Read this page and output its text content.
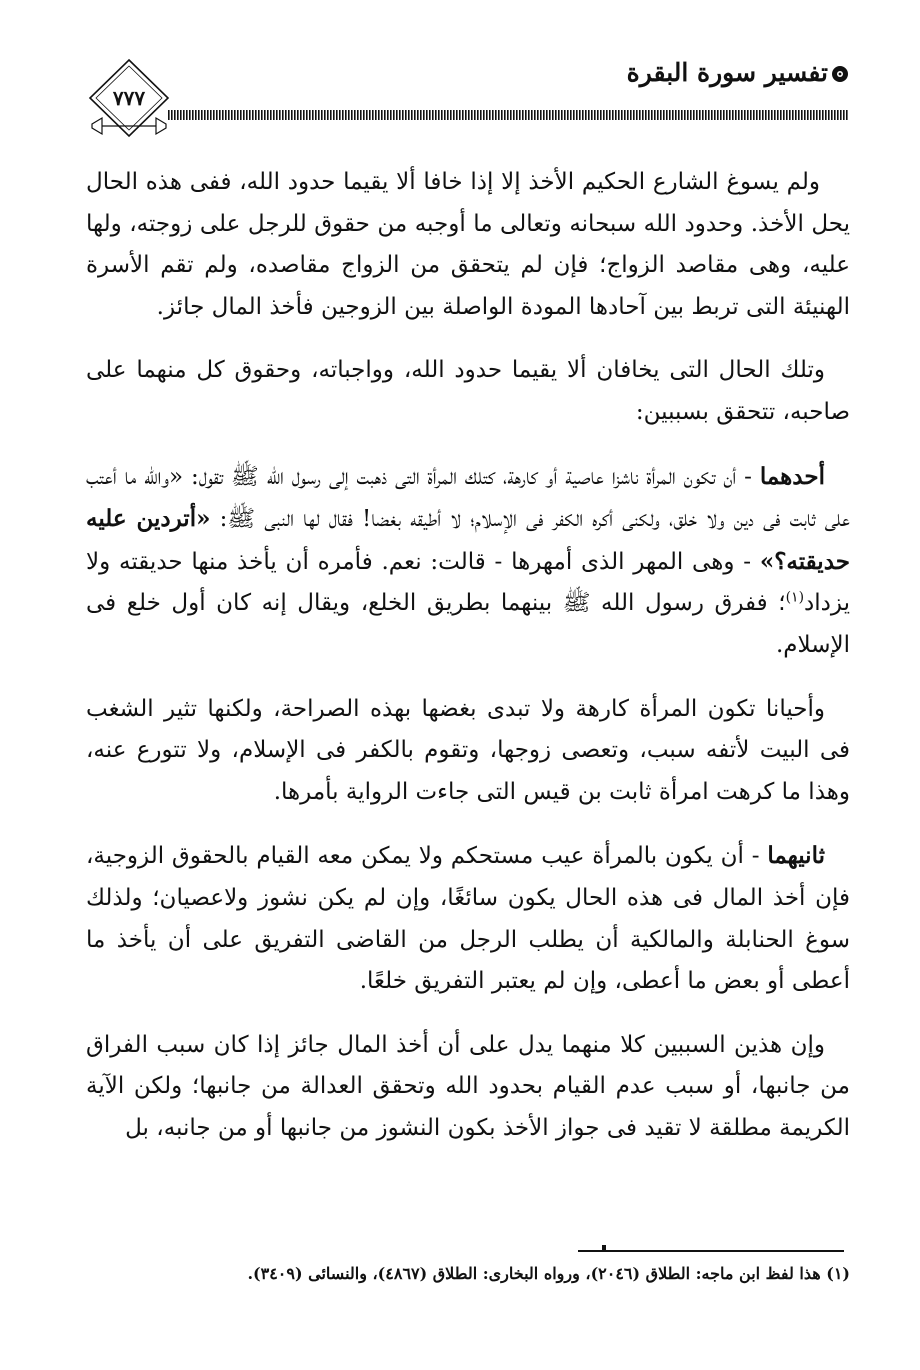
٧٧٧
تفسير سورة البقرة

ولم يسوغ الشارع الحكيم الأخذ إلا إذا خافا ألا يقيما حدود الله، ففى هذه الحال يحل الأخذ. وحدود الله سبحانه وتعالى ما أوجبه من حقوق للرجل على زوجته، ولها عليه، وهى مقاصد الزواج؛ فإن لم يتحقق من الزواج مقاصده، ولم تقم الأسرة الهنيئة التى تربط بين آحادها المودة الواصلة بين الزوجين فأخذ المال جائز.

وتلك الحال التى يخافان ألا يقيما حدود الله، وواجباته، وحقوق كل منهما على صاحبه، تتحقق بسببين:

أحدهما - أن تكون المرأة ناشزا عاصية أو كارهة، كتلك المرأة التى ذهبت إلى رسول الله ﷺ تقول: «والله ما أعتب على ثابت فى دين ولا خلق، ولكنى أكره الكفر فى الإسلام؛ لا أطيقه بغضا! فقال لها النبى ﷺ: «أتردين عليه حديقته؟» - وهى المهر الذى أمهرها - قالت: نعم. فأمره أن يأخذ منها حديقته ولا يزداد$^{(١)}$؛ ففرق رسول الله ﷺ بينهما بطريق الخلع، ويقال إنه كان أول خلع فى الإسلام.

وأحيانا تكون المرأة كارهة ولا تبدى بغضها بهذه الصراحة، ولكنها تثير الشغب فى البيت لأتفه سبب، وتعصى زوجها، وتقوم بالكفر فى الإسلام، ولا تتورع عنه، وهذا ما كرهت امرأة ثابت بن قيس التى جاءت الرواية بأمرها.

ثانيهما - أن يكون بالمرأة عيب مستحكم ولا يمكن معه القيام بالحقوق الزوجية، فإن أخذ المال فى هذه الحال يكون سائغًا، وإن لم يكن نشوز ولاعصيان؛ ولذلك سوغ الحنابلة والمالكية أن يطلب الرجل من القاضى التفريق على أن يأخذ ما أعطى أو بعض ما أعطى، وإن لم يعتبر التفريق خلعًا.

وإن هذين السببين كلا منهما يدل على أن أخذ المال جائز إذا كان سبب الفراق من جانبها، أو سبب عدم القيام بحدود الله وتحقق العدالة من جانبها؛ ولكن الآية الكريمة مطلقة لا تقيد فى جواز الأخذ بكون النشوز من جانبها أو من جانبه، بل

(١) هذا لفظ ابن ماجه: الطلاق (٢٠٤٦)، ورواه البخارى: الطلاق (٤٨٦٧)، والنسائى (٣٤٠٩).
